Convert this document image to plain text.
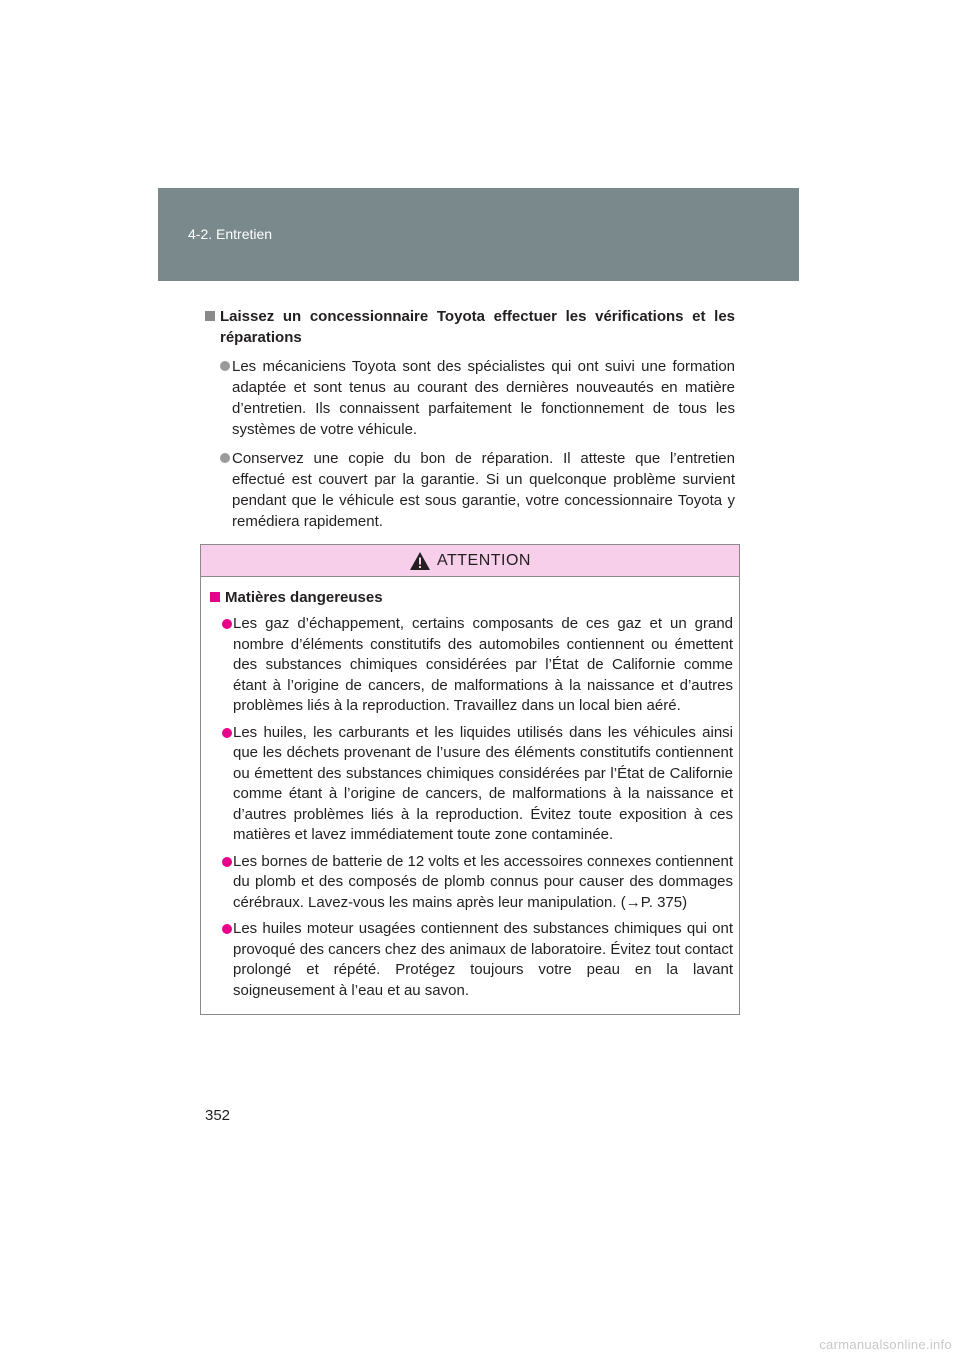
4-2. Entretien
Laissez un concessionnaire Toyota effectuer les vérifications et les réparations
Les mécaniciens Toyota sont des spécialistes qui ont suivi une formation adaptée et sont tenus au courant des dernières nouveautés en matière d’entretien. Ils connaissent parfaitement le fonctionnement de tous les systèmes de votre véhicule.
Conservez une copie du bon de réparation. Il atteste que l’entretien effectué est couvert par la garantie. Si un quelconque problème survient pendant que le véhicule est sous garantie, votre concessionnaire Toyota y remédiera rapidement.
ATTENTION
Matières dangereuses
Les gaz d’échappement, certains composants de ces gaz et un grand nombre d’éléments constitutifs des automobiles contiennent ou émettent des substances chimiques considérées par l’État de Californie comme étant à l’origine de cancers, de malformations à la naissance et d’autres problèmes liés à la reproduction. Travaillez dans un local bien aéré.
Les huiles, les carburants et les liquides utilisés dans les véhicules ainsi que les déchets provenant de l’usure des éléments constitutifs contiennent ou émettent des substances chimiques considérées par l’État de Californie comme étant à l’origine de cancers, de malformations à la naissance et d’autres problèmes liés à la reproduction. Évitez toute exposition à ces matières et lavez immédiatement toute zone contaminée.
Les bornes de batterie de 12 volts et les accessoires connexes contiennent du plomb et des composés de plomb connus pour causer des dommages cérébraux. Lavez-vous les mains après leur manipulation. (→P. 375)
Les huiles moteur usagées contiennent des substances chimiques qui ont provoqué des cancers chez des animaux de laboratoire. Évitez tout contact prolongé et répété. Protégez toujours votre peau en la lavant soigneusement à l’eau et au savon.
352
carmanualsonline.info
